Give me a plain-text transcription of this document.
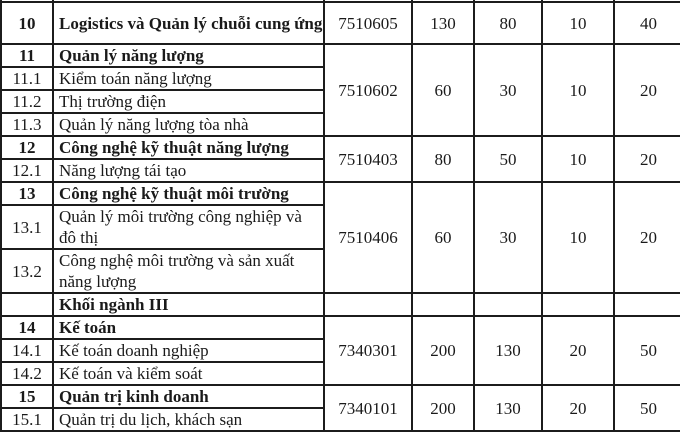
10	Logistics và Quản lý chuỗi cung ứng	7510605	130	80	10	40
11	Quản lý năng lượng	7510602	60	30	10	20
11.1	Kiểm toán năng lượng					
11.2	Thị trường điện					
11.3	Quản lý năng lượng tòa nhà					
12	Công nghệ kỹ thuật năng lượng	7510403	80	50	10	20
12.1	Năng lượng tái tạo					
13	Công nghệ kỹ thuật môi trường	7510406	60	30	10	20
13.1	Quản lý môi trường công nghiệp và đô thị					
13.2	Công nghệ môi trường và sản xuất năng lượng					
	Khối ngành III					
14	Kế toán	7340301	200	130	20	50
14.1	Kế toán doanh nghiệp					
14.2	Kế toán và kiểm soát					
15	Quản trị kinh doanh	7340101	200	130	20	50
15.1	Quản trị du lịch, khách sạn					
